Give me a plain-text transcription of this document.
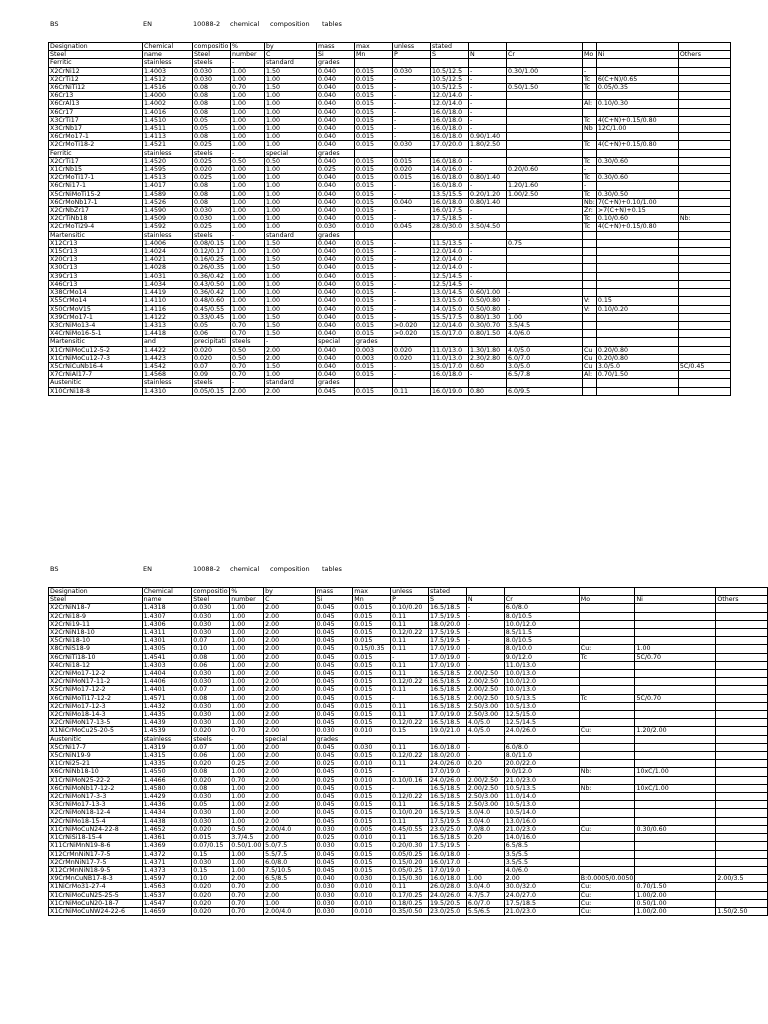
BS	EN	10088-2 chemical composition tables
Designation	Chemical	compositio	%	by	mass	max	unless	stated					
Steel	name	Steel	number	C	Si	Mn	P	S	N	Cr	Mo	Ni	Others
Ferritic	stainless	steels	-	standard	grades								
X2CrNi12	1.4003	0.030	1.00	1.50	0.040	0.015	0.030	10.5/12.5	-	0.30/1.00	-		
X2CrTi12	1.4512	0.030	1.00	1.00	0.040	0.015	-	10.5/12.5	-		Tc	6(C+N)/0.65	
X6CrNiTi12	1.4516	0.08	0.70	1.50	0.040	0.015	-	10.5/12.5	-	0.50/1.50	Tc	0.05/0.35	
X6Cr13	1.4000	0.08	1.00	1.00	0.040	0.015	-	12.0/14.0	-				
X6CrAl13	1.4002	0.08	1.00	1.00	0.040	0.015	-	12.0/14.0	-		Al:	0.10/0.30	
X6Cr17	1.4016	0.08	1.00	1.00	0.040	0.015	-	16.0/18.0	-				
X3CrTi17	1.4510	0.05	1.00	1.00	0.040	0.015	-	16.0/18.0	-		Tc	4(C+N)+0.15/0.80	
X3CrNb17	1.4511	0.05	1.00	1.00	0.040	0.015	-	16.0/18.0	-		Nb	12C/1.00	
X6CrMo17-1	1.4113	0.08	1.00	1.00	0.040	0.015	-	16.0/18.0	0.90/1.40				
X2CrMoTi18-2	1.4521	0.025	1.00	1.00	0.040	0.015	0.030	17.0/20.0	1.80/2.50		Tc	4(C+N)+0.15/0.80	
Ferritic	stainless	steels	-	special	grades								
X2CrTi17	1.4520	0.025	0.50	0.50	0.040	0.015	0.015	16.0/18.0	-		Tc	0.30/0.60	
X1CrNb15	1.4595	0.020	1.00	1.00	0.025	0.015	0.020	14.0/16.0	-	0.20/0.60	-		
X2CrMoTi17-1	1.4513	0.025	1.00	1.00	0.040	0.015	0.015	16.0/18.0	0.80/1.40		Tc	0.30/0.60	
X6CrNi17-1	1.4017	0.08	1.00	1.00	0.040	0.015	-	16.0/18.0	-	1.20/1.60	-		
X5CrNiMoTi15-2	1.4589	0.08	1.00	1.00	0.040	0.015	-	13.5/15.5	0.20/1.20	1.00/2.50	Tc	0.30/0.50	
X6CrMoNb17-1	1.4526	0.08	1.00	1.00	0.040	0.015	0.040	16.0/18.0	0.80/1.40		Nb:	7(C+N)+0.10/1.00	
X2CrNbZr17	1.4590	0.030	1.00	1.00	0.040	0.015	-	16.0/17.5	-		Zr:	>7(C+N)+0.15	
X2CrTiNb18	1.4509	0.030	1.00	1.00	0.040	0.015	-	17.5/18.5	-		Tc	0.10/0.60	Nb:
X2CrMoTi29-4	1.4592	0.025	1.00	1.00	0.030	0.010	0.045	28.0/30.0	3.50/4.50		Tc	4(C+N)+0.15/0.80	
Martensitic	stainless	steels	-	standard	grades								
X12Cr13	1.4006	0.08/0.15	1.00	1.50	0.040	0.015	-	11.5/13.5	-	0.75			
X15Cr13	1.4024	0.12/0.17	1.00	1.00	0.040	0.015	-	12.0/14.0	-				
X20Cr13	1.4021	0.16/0.25	1.00	1.50	0.040	0.015	-	12.0/14.0	-				
X30Cr13	1.4028	0.26/0.35	1.00	1.50	0.040	0.015	-	12.0/14.0	-				
X39Cr13	1.4031	0.36/0.42	1.00	1.00	0.040	0.015	-	12.5/14.5	-				
X46Cr13	1.4034	0.43/0.50	1.00	1.00	0.040	0.015	-	12.5/14.5	-				
X38CrMo14	1.4419	0.36/0.42	1.00	1.00	0.040	0.015	-	13.0/14.5	0.60/1.00	-			
X55CrMo14	1.4110	0.48/0.60	1.00	1.00	0.040	0.015	-	13.0/15.0	0.50/0.80	-	V:	0.15	
X50CrMoV15	1.4116	0.45/0.55	1.00	1.00	0.040	0.015	-	14.0/15.0	0.50/0.80	-	V:	0.10/0.20	
X39CrMo17-1	1.4122	0.33/0.45	1.00	1.50	0.040	0.015	-	15.5/17.5	0.80/1.30	1.00			
X3CrNiMo13-4	1.4313	0.05	0.70	1.50	0.040	0.015	>0.020	12.0/14.0	0.30/0.70	3.5/4.5			
X4CrNiMo16-5-1	1.4418	0.06	0.70	1.50	0.040	0.015	>0.020	15.0/17.0	0.80/1.50	4.0/6.0			
Martensitic	and	precipitati	steels	-	special	grades							
X1CrNiMoCu12-5-2	1.4422	0.020	0.50	2.00	0.040	0.003	0.020	11.0/13.0	1.30/1.80	4.0/5.0	Cu	0.20/0.80	
X1CrNiMoCu12-7-3	1.4423	0.020	0.50	2.00	0.040	0.003	0.020	11.0/13.0	2.30/2.80	6.0/7.0	Cu	0.20/0.80	
X5CrNiCuNb16-4	1.4542	0.07	0.70	1.50	0.040	0.015	-	15.0/17.0	0.60	3.0/5.0	Cu	3.0/5.0	5C/0.45
X7CrNiAl17-7	1.4568	0.09	0.70	1.00	0.040	0.015	-	16.0/18.0	-	6.5/7.8	Al:	0.70/1.50	
Austenitic	stainless	steels	-	standard	grades								
X10CrNi18-8	1.4310	0.05/0.15	2.00	2.00	0.045	0.015	0.11	16.0/19.0	0.80	6.0/9.5			
BS	EN	10088-2 chemical composition tables
Designation	Chemical	compositio	%	by	mass	max	unless	stated					
Steel	name	Steel	number	C	Si	Mn	P	S	N	Cr	Mo	Ni	Others
X2CrNiN18-7	1.4318	0.030	1.00	2.00	0.045	0.015	0.10/0.20	16.5/18.5	-	6.0/8.0			
X2CrNi18-9	1.4307	0.030	1.00	2.00	0.045	0.015	0.11	17.5/19.5	-	8.0/10.5			
X2CrNi19-11	1.4306	0.030	1.00	2.00	0.045	0.015	0.11	18.0/20.0	-	10.0/12.0			
X2CrNiN18-10	1.4311	0.030	1.00	2.00	0.045	0.015	0.12/0.22	17.5/19.5	-	8.5/11.5			
X5CrNi18-10	1.4301	0.07	1.00	2.00	0.045	0.015	0.11	17.5/19.5	-	8.0/10.5			
X8CrNiS18-9	1.4305	0.10	1.00	2.00	0.045	0.15/0.35	0.11	17.0/19.0	-	8.0/10.0	Cu:	1.00	
X6CrNiTi18-10	1.4541	0.08	1.00	2.00	0.045	0.015	-	17.0/19.0	-	9.0/12.0	Tc	5C/0.70	
X4CrNi18-12	1.4303	0.06	1.00	2.00	0.045	0.015	0.11	17.0/19.0	-	11.0/13.0			
X2CrNiMo17-12-2	1.4404	0.030	1.00	2.00	0.045	0.015	0.11	16.5/18.5	2.00/2.50	10.0/13.0			
X2CrNiMoN17-11-2	1.4406	0.030	1.00	2.00	0.045	0.015	0.12/0.22	16.5/18.5	2.00/2.50	10.0/12.0			
X5CrNiMo17-12-2	1.4401	0.07	1.00	2.00	0.045	0.015	0.11	16.5/18.5	2.00/2.50	10.0/13.0			
X6CrNiMoTi17-12-2	1.4571	0.08	1.00	2.00	0.045	0.015	-	16.5/18.5	2.00/2.50	10.5/13.5	Tc	5C/0.70	
X2CrNiMo17-12-3	1.4432	0.030	1.00	2.00	0.045	0.015	0.11	16.5/18.5	2.50/3.00	10.5/13.0			
X2CrNiMo18-14-3	1.4435	0.030	1.00	2.00	0.045	0.015	0.11	17.0/19.0	2.50/3.00	12.5/15.0			
X2CrNiMoN17-13-5	1.4439	0.030	1.00	2.00	0.045	0.015	0.12/0.22	16.5/18.5	4.0/5.0	12.5/14.5			
X1NiCrMoCu25-20-5	1.4539	0.020	0.70	2.00	0.030	0.010	0.15	19.0/21.0	4.0/5.0	24.0/26.0	Cu:	1.20/2.00	
Austenitic	stainless	steels	-	special	grades								
X5CrNi17-7	1.4319	0.07	1.00	2.00	0.045	0.030	0.11	16.0/18.0	-	6.0/8.0			
X5CrNiN19-9	1.4315	0.06	1.00	2.00	0.045	0.015	0.12/0.22	18.0/20.0	-	8.0/11.0			
X1CrNi25-21	1.4335	0.020	0.25	2.00	0.025	0.010	0.11	24.0/26.0	0.20	20.0/22.0			
X6CrNiNb18-10	1.4550	0.08	1.00	2.00	0.045	0.015	-	17.0/19.0	-	9.0/12.0	Nb:	10xC/1.00	
X1CrNiMoN25-22-2	1.4466	0.020	0.70	2.00	0.025	0.010	0.10/0.16	24.0/26.0	2.00/2.50	21.0/23.0			
X6CrNiMoNb17-12-2	1.4580	0.08	1.00	2.00	0.045	0.015	-	16.5/18.5	2.00/2.50	10.5/13.5	Nb:	10xC/1.00	
X2CrNiMoN17-3-3	1.4429	0.030	1.00	2.00	0.045	0.015	0.12/0.22	16.5/18.5	2.50/3.00	11.0/14.0			
X3CrNiMo17-13-3	1.4436	0.05	1.00	2.00	0.045	0.015	0.11	16.5/18.5	2.50/3.00	10.5/13.0			
X2CrNiMoN18-12-4	1.4434	0.030	1.00	2.00	0.045	0.015	0.10/0.20	16.5/19.5	3.0/4.0	10.5/14.0			
X2CrNiMo18-15-4	1.4438	0.030	1.00	2.00	0.045	0.015	0.11	17.5/19.5	3.0/4.0	13.0/16.0			
X1CrNiMoCuN24-22-8	1.4652	0.020	0.50	2.00/4.0	0.030	0.005	0.45/0.55	23.0/25.0	7.0/8.0	21.0/23.0	Cu:	0.30/0.60	
X1CrNiSi18-15-4	1.4361	0.015	3.7/4.5	2.00	0.025	0.010	0.11	16.5/18.5	0.20	14.0/16.0			
X11CrNiMnN19-8-6	1.4369	0.07/0.15	0.50/1.00	5.0/7.5	0.030	0.015	0.20/0.30	17.5/19.5	-	6.5/8.5			
X12CrMnNiN17-7-5	1.4372	0.15	1.00	5.5/7.5	0.045	0.015	0.05/0.25	16.0/18.0	-	3.5/5.5			
X2CrMnNiN17-7-5	1.4371	0.030	1.00	6.0/8.0	0.045	0.015	0.15/0.20	16.0/17.0	-	3.5/5.5			
X12CrMnNiN18-9-5	1.4373	0.15	1.00	7.5/10.5	0.045	0.015	0.05/0.25	17.0/19.0	-	4.0/6.0			
X9CrMnCuNB17-8-3	1.4597	0.10	2.00	6.5/8.5	0.040	0.030	0.15/0.30	16.0/18.0	1.00	2.00	B:0.0005/0.0050		2.00/3.5
X1NiCrMo31-27-4	1.4563	0.020	0.70	2.00	0.030	0.010	0.11	26.0/28.0	3.0/4.0	30.0/32.0	Cu:	0.70/1.50	
X1CrNiMoCuN25-25-5	1.4537	0.020	0.70	2.00	0.030	0.010	0.17/0.25	24.0/26.0	4.7/5.7	24.0/27.0	Cu:	1.00/2.00	
X1CrNiMoCuN20-18-7	1.4547	0.020	0.70	1.00	0.030	0.010	0.18/0.25	19.5/20.5	6.0/7.0	17.5/18.5	Cu:	0.50/1.00	
X1CrNiMoCuNW24-22-6	1.4659	0.020	0.70	2.00/4.0	0.030	0.010	0.35/0.50	23.0/25.0	5.5/6.5	21.0/23.0	Cu:	1.00/2.00	1.50/2.50
